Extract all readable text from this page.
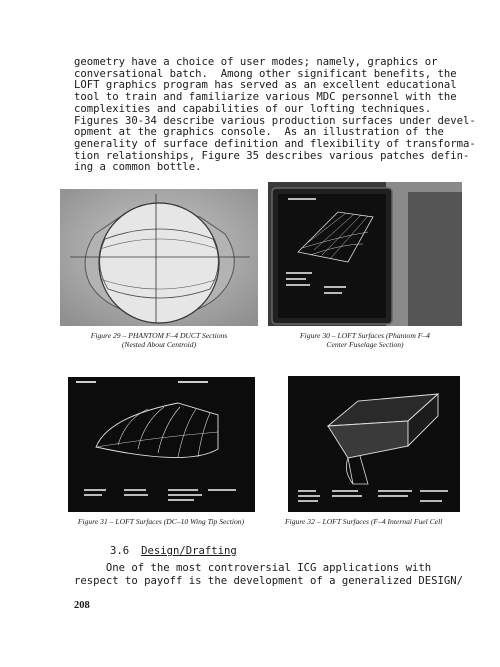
geometry have a choice of user modes; namely, graphics or
conversational batch.  Among other significant benefits, the
LOFT graphics program has served as an excellent educational
tool to train and familiarize various MDC personnel with the
complexities and capabilities of our lofting techniques.
Figures 30-34 describe various production surfaces under devel-
opment at the graphics console.  As an illustration of the
generality of surface definition and flexibility of transforma-
tion relationships, Figure 35 describes various patches defin-
ing a common bottle.
Figure 29 – PHANTOM F–4 DUCT Sections
(Nested About Centroid)
Figure 30 – LOFT Surfaces (Phantom F–4
Center Fuselage Section)
Figure 31 – LOFT Surfaces (DC–10 Wing Tip Section)	Figure 32 – LOFT Surfaces (F–4 Internal Fuel Cell
3.6 Design/Drafting
One of the most controversial ICG applications with
respect to payoff is the development of a generalized DESIGN/
208
